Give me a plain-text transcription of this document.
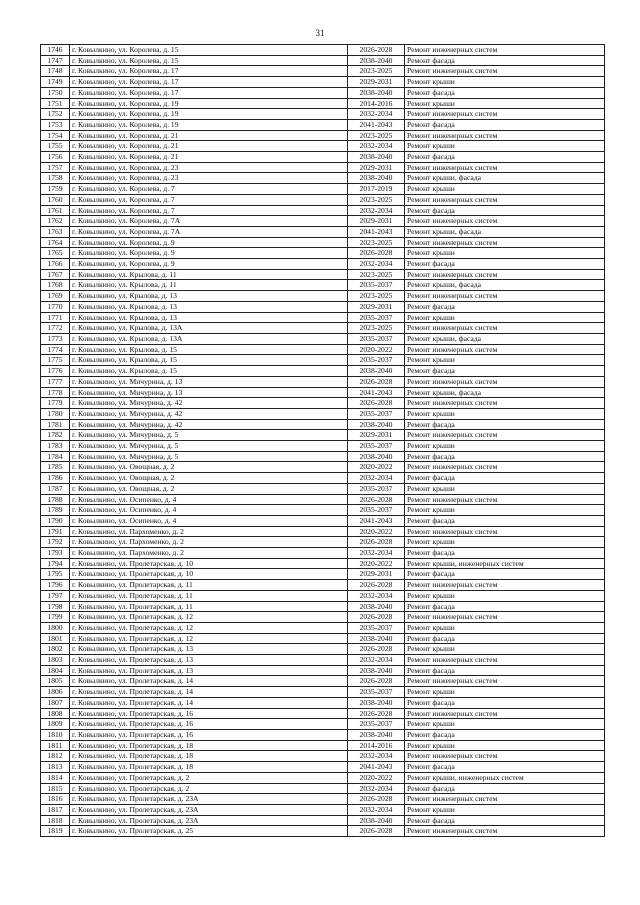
31
1746	г. Ковылкино, ул. Королева, д. 15	2026-2028	Ремонт инженерных систем
1747	г. Ковылкино, ул. Королева, д. 15	2038-2040	Ремонт фасада
1748	г. Ковылкино, ул. Королева, д. 17	2023-2025	Ремонт инженерных систем
1749	г. Ковылкино, ул. Королева, д. 17	2029-2031	Ремонт крыши
1750	г. Ковылкино, ул. Королева, д. 17	2038-2040	Ремонт фасада
1751	г. Ковылкино, ул. Королева, д. 19	2014-2016	Ремонт крыши
1752	г. Ковылкино, ул. Королева, д. 19	2032-2034	Ремонт инженерных систем
1753	г. Ковылкино, ул. Королева, д. 19	2041-2043	Ремонт фасада
1754	г. Ковылкино, ул. Королева, д. 21	2023-2025	Ремонт инженерных систем
1755	г. Ковылкино, ул. Королева, д. 21	2032-2034	Ремонт крыши
1756	г. Ковылкино, ул. Королева, д. 21	2038-2040	Ремонт фасада
1757	г. Ковылкино, ул. Королева, д. 23	2029-2031	Ремонт инженерных систем
1758	г. Ковылкино, ул. Королева, д. 23	2038-2040	Ремонт крыши, фасада
1759	г. Ковылкино, ул. Королева, д. 7	2017-2019	Ремонт крыши
1760	г. Ковылкино, ул. Королева, д. 7	2023-2025	Ремонт инженерных систем
1761	г. Ковылкино, ул. Королева, д. 7	2032-2034	Ремонт фасада
1762	г. Ковылкино, ул. Королева, д. 7А	2029-2031	Ремонт инженерных систем
1763	г. Ковылкино, ул. Королева, д. 7А	2041-2043	Ремонт крыши, фасада
1764	г. Ковылкино, ул. Королева, д. 9	2023-2025	Ремонт инженерных систем
1765	г. Ковылкино, ул. Королева, д. 9	2026-2028	Ремонт крыши
1766	г. Ковылкино, ул. Королева, д. 9	2032-2034	Ремонт фасада
1767	г. Ковылкино, ул. Крылова, д. 11	2023-2025	Ремонт инженерных систем
1768	г. Ковылкино, ул. Крылова, д. 11	2035-2037	Ремонт крыши, фасада
1769	г. Ковылкино, ул. Крылова, д. 13	2023-2025	Ремонт инженерных систем
1770	г. Ковылкино, ул. Крылова, д. 13	2029-2031	Ремонт фасада
1771	г. Ковылкино, ул. Крылова, д. 13	2035-2037	Ремонт крыши
1772	г. Ковылкино, ул. Крылова, д. 13А	2023-2025	Ремонт инженерных систем
1773	г. Ковылкино, ул. Крылова, д. 13А	2035-2037	Ремонт крыши, фасада
1774	г. Ковылкино, ул. Крылова, д. 15	2020-2022	Ремонт инженерных систем
1775	г. Ковылкино, ул. Крылова, д. 15	2035-2037	Ремонт крыши
1776	г. Ковылкино, ул. Крылова, д. 15	2038-2040	Ремонт фасада
1777	г. Ковылкино, ул. Мичурина, д. 13	2026-2028	Ремонт инженерных систем
1778	г. Ковылкино, ул. Мичурина, д. 13	2041-2043	Ремонт крыши, фасада
1779	г. Ковылкино, ул. Мичурина, д. 42	2026-2028	Ремонт инженерных систем
1780	г. Ковылкино, ул. Мичурина, д. 42	2035-2037	Ремонт крыши
1781	г. Ковылкино, ул. Мичурина, д. 42	2038-2040	Ремонт фасада
1782	г. Ковылкино, ул. Мичурина, д. 5	2029-2031	Ремонт инженерных систем
1783	г. Ковылкино, ул. Мичурина, д. 5	2035-2037	Ремонт крыши
1784	г. Ковылкино, ул. Мичурина, д. 5	2038-2040	Ремонт фасада
1785	г. Ковылкино, ул. Овощная, д. 2	2020-2022	Ремонт инженерных систем
1786	г. Ковылкино, ул. Овощная, д. 2	2032-2034	Ремонт фасада
1787	г. Ковылкино, ул. Овощная, д. 2	2035-2037	Ремонт крыши
1788	г. Ковылкино, ул. Осипенко, д. 4	2026-2028	Ремонт инженерных систем
1789	г. Ковылкино, ул. Осипенко, д. 4	2035-2037	Ремонт крыши
1790	г. Ковылкино, ул. Осипенко, д. 4	2041-2043	Ремонт фасада
1791	г. Ковылкино, ул. Пархоменко, д. 2	2020-2022	Ремонт инженерных систем
1792	г. Ковылкино, ул. Пархоменко, д. 2	2026-2028	Ремонт крыши
1793	г. Ковылкино, ул. Пархоменко, д. 2	2032-2034	Ремонт фасада
1794	г. Ковылкино, ул. Пролетарская, д. 10	2020-2022	Ремонт крыши, инженерных систем
1795	г. Ковылкино, ул. Пролетарская, д. 10	2029-2031	Ремонт фасада
1796	г. Ковылкино, ул. Пролетарская, д. 11	2026-2028	Ремонт инженерных систем
1797	г. Ковылкино, ул. Пролетарская, д. 11	2032-2034	Ремонт крыши
1798	г. Ковылкино, ул. Пролетарская, д. 11	2038-2040	Ремонт фасада
1799	г. Ковылкино, ул. Пролетарская, д. 12	2026-2028	Ремонт инженерных систем
1800	г. Ковылкино, ул. Пролетарская, д. 12	2035-2037	Ремонт крыши
1801	г. Ковылкино, ул. Пролетарская, д. 12	2038-2040	Ремонт фасада
1802	г. Ковылкино, ул. Пролетарская, д. 13	2026-2028	Ремонт крыши
1803	г. Ковылкино, ул. Пролетарская, д. 13	2032-2034	Ремонт инженерных систем
1804	г. Ковылкино, ул. Пролетарская, д. 13	2038-2040	Ремонт фасада
1805	г. Ковылкино, ул. Пролетарская, д. 14	2026-2028	Ремонт инженерных систем
1806	г. Ковылкино, ул. Пролетарская, д. 14	2035-2037	Ремонт крыши
1807	г. Ковылкино, ул. Пролетарская, д. 14	2038-2040	Ремонт фасада
1808	г. Ковылкино, ул. Пролетарская, д. 16	2026-2028	Ремонт инженерных систем
1809	г. Ковылкино, ул. Пролетарская, д. 16	2035-2037	Ремонт крыши
1810	г. Ковылкино, ул. Пролетарская, д. 16	2038-2040	Ремонт фасада
1811	г. Ковылкино, ул. Пролетарская, д. 18	2014-2016	Ремонт крыши
1812	г. Ковылкино, ул. Пролетарская, д. 18	2032-2034	Ремонт инженерных систем
1813	г. Ковылкино, ул. Пролетарская, д. 18	2041-2043	Ремонт фасада
1814	г. Ковылкино, ул. Пролетарская, д. 2	2020-2022	Ремонт крыши, инженерных систем
1815	г. Ковылкино, ул. Пролетарская, д. 2	2032-2034	Ремонт фасада
1816	г. Ковылкино, ул. Пролетарская, д. 23А	2026-2028	Ремонт инженерных систем
1817	г. Ковылкино, ул. Пролетарская, д. 23А	2032-2034	Ремонт крыши
1818	г. Ковылкино, ул. Пролетарская, д. 23А	2038-2040	Ремонт фасада
1819	г. Ковылкино, ул. Пролетарская, д. 25	2026-2028	Ремонт инженерных систем
